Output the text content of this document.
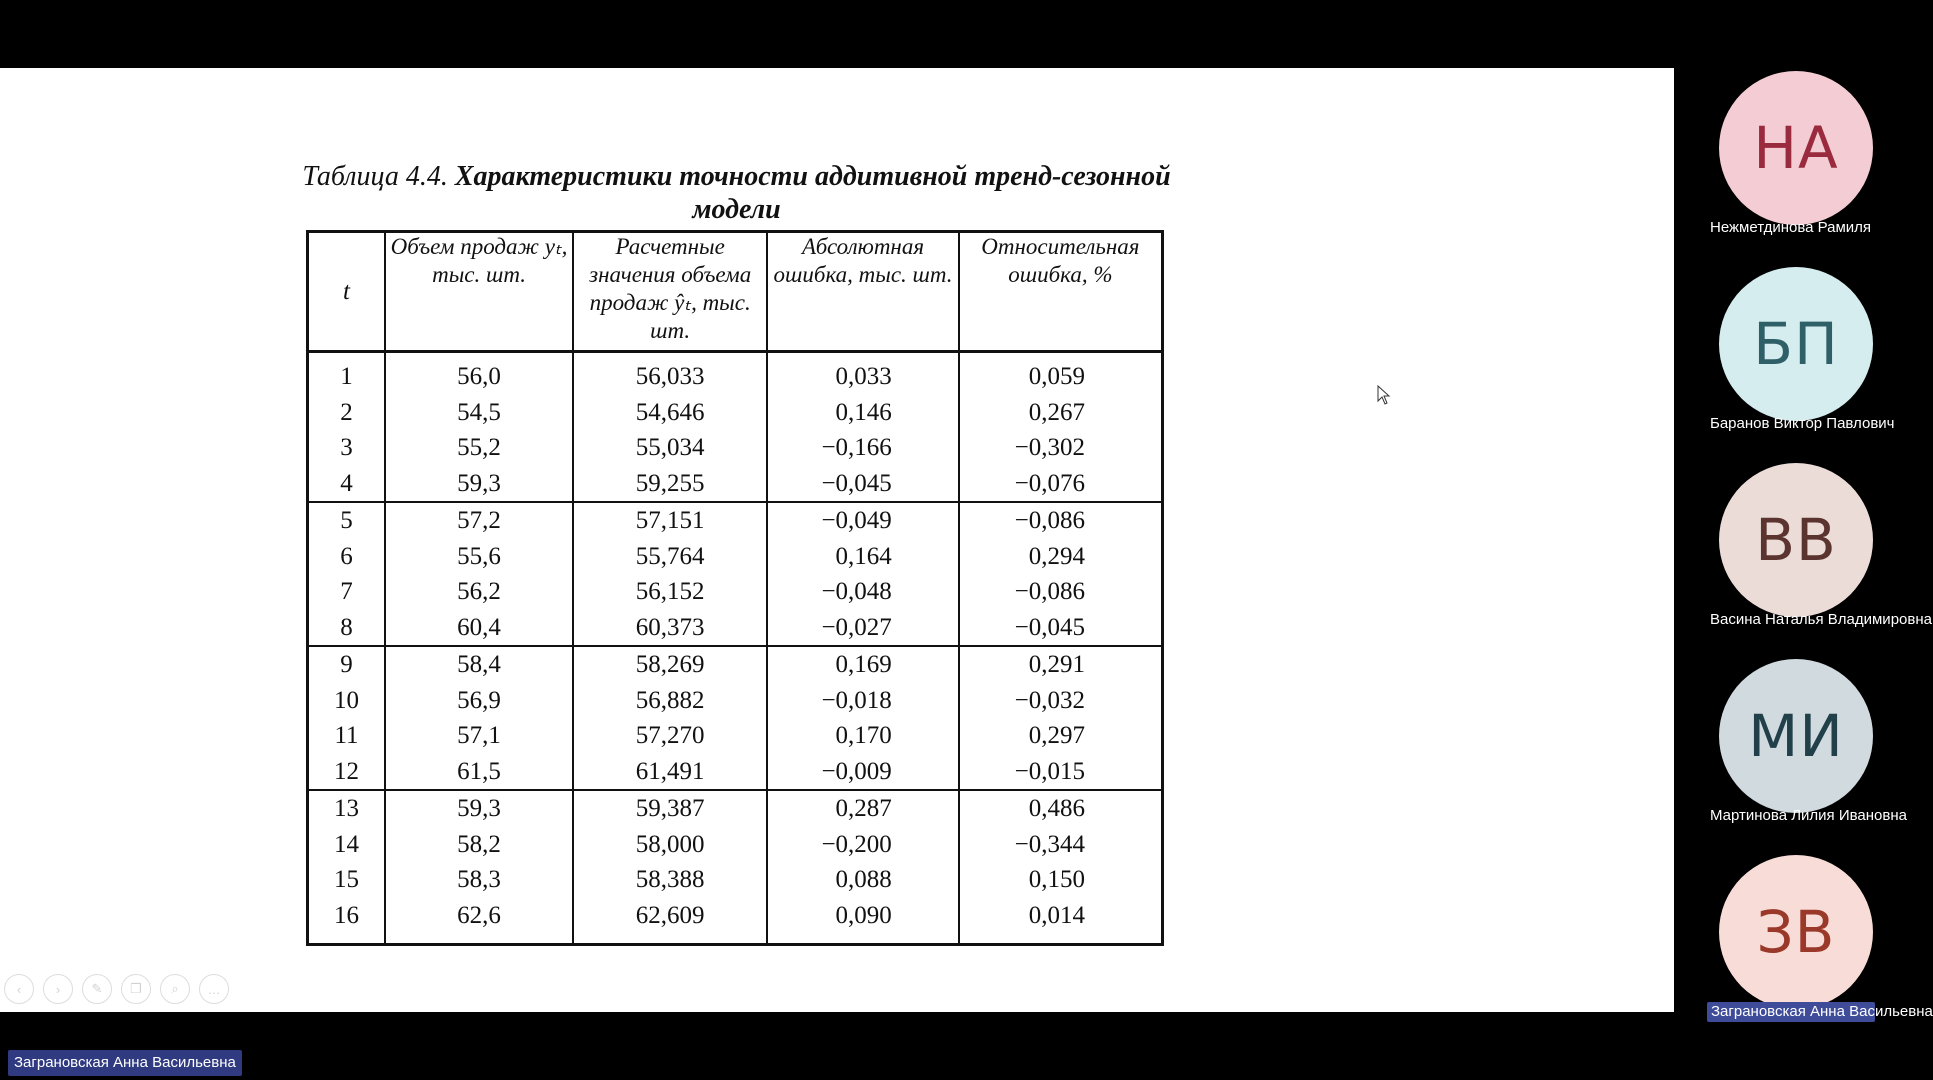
Таблица 4.4. Характеристики точности аддитивной тренд-сезонной модели
t	Объем продаж yₜ, тыс. шт.	Расчетные значения объема продаж ŷₜ, тыс. шт.	Абсолютная ошибка, тыс. шт.	Относительная ошибка, %
1	56,0	56,033	0,033	0,059
2	54,5	54,646	0,146	0,267
3	55,2	55,034	−0,166	−0,302
4	59,3	59,255	−0,045	−0,076
5	57,2	57,151	−0,049	−0,086
6	55,6	55,764	0,164	0,294
7	56,2	56,152	−0,048	−0,086
8	60,4	60,373	−0,027	−0,045
9	58,4	58,269	0,169	0,291
10	56,9	56,882	−0,018	−0,032
11	57,1	57,270	0,170	0,297
12	61,5	61,491	−0,009	−0,015
13	59,3	59,387	0,287	0,486
14	58,2	58,000	−0,200	−0,344
15	58,3	58,388	0,088	0,150
16	62,6	62,609	0,090	0,014
‹	›	✎	❐	⌕	…
НА
Нежметдинова Рамиля
БП
Баранов Виктор Павлович
ВВ
Васина Наталья Владимировна
МИ
Мартинова Лилия Ивановна
ЗВ
Заграновская Анна Васильевна
Заграновская Анна Васильевна
